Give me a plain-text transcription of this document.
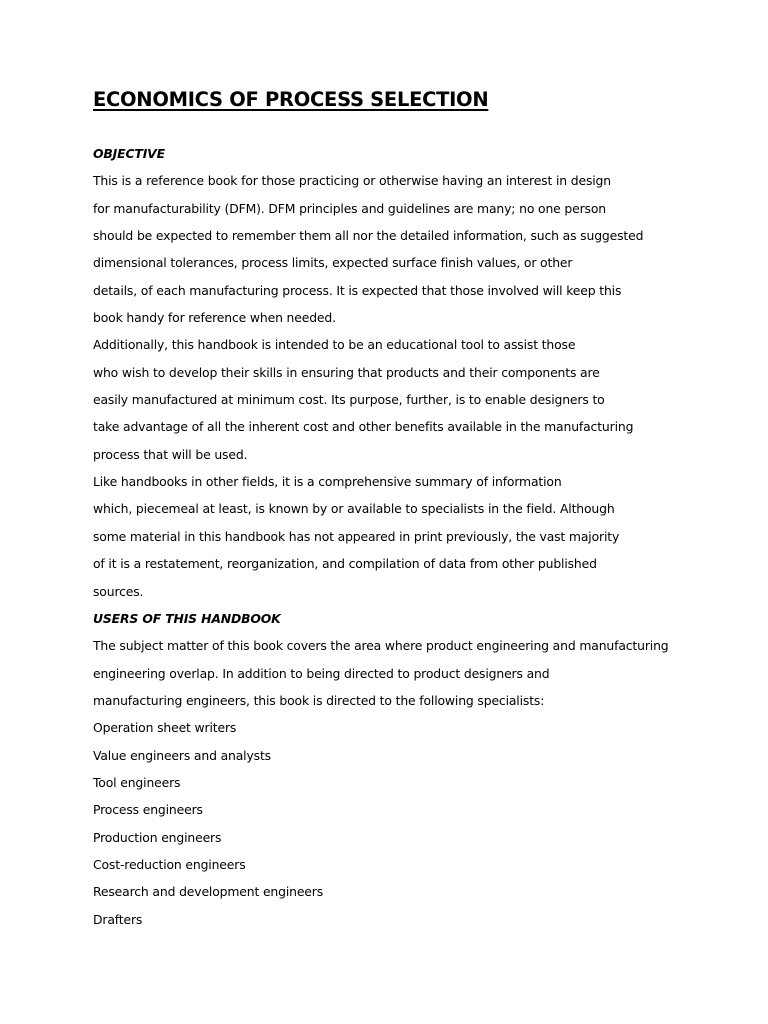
ECONOMICS OF PROCESS SELECTION
OBJECTIVE
This is a reference book for those practicing or otherwise having an interest in design
for manufacturability (DFM). DFM principles and guidelines are many; no one person
should be expected to remember them all nor the detailed information, such as suggested
dimensional tolerances, process limits, expected surface finish values, or other
details, of each manufacturing process. It is expected that those involved will keep this
book handy for reference when needed.
Additionally, this handbook is intended to be an educational tool to assist those
who wish to develop their skills in ensuring that products and their components are
easily manufactured at minimum cost. Its purpose, further, is to enable designers to
take advantage of all the inherent cost and other benefits available in the manufacturing
process that will be used.
Like handbooks in other fields, it is a comprehensive summary of information
which, piecemeal at least, is known by or available to specialists in the field. Although
some material in this handbook has not appeared in print previously, the vast majority
of it is a restatement, reorganization, and compilation of data from other published
sources.
USERS OF THIS HANDBOOK
The subject matter of this book covers the area where product engineering and manufacturing
engineering overlap. In addition to being directed to product designers and
manufacturing engineers, this book is directed to the following specialists:
Operation sheet writers
Value engineers and analysts
Tool engineers
Process engineers
Production engineers
Cost-reduction engineers
Research and development engineers
Drafters
